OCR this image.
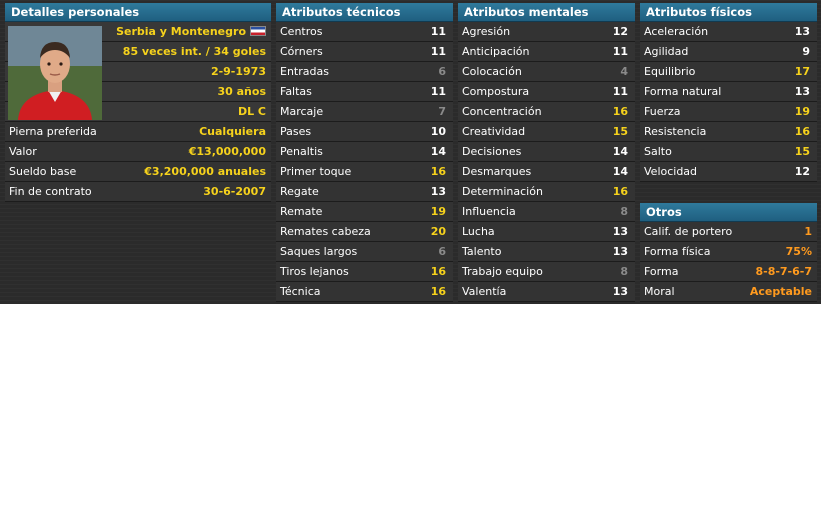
Detalles personales
Serbia y Montenegro
85 veces int. / 34 goles
2-9-1973
30 años
DL C
Pierna preferida	Cualquiera
Valor	€13,000,000
Sueldo base	€3,200,000 anuales
Fin de contrato	30-6-2007
Atributos técnicos
Centros	11
Córners	11
Entradas	6
Faltas	11
Marcaje	7
Pases	10
Penaltis	14
Primer toque	16
Regate	13
Remate	19
Remates cabeza	20
Saques largos	6
Tiros lejanos	16
Técnica	16
Atributos mentales
Agresión	12
Anticipación	11
Colocación	4
Compostura	11
Concentración	16
Creatividad	15
Decisiones	14
Desmarques	14
Determinación	16
Influencia	8
Lucha	13
Talento	13
Trabajo equipo	8
Valentía	13
Atributos físicos
Aceleración	13
Agilidad	9
Equilibrio	17
Forma natural	13
Fuerza	19
Resistencia	16
Salto	15
Velocidad	12
Otros
Calif. de portero	1
Forma física	75%
Forma	8-8-7-6-7
Moral	Aceptable
